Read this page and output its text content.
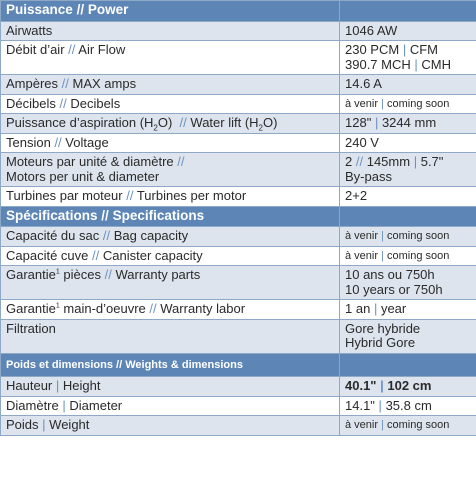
Puissance // Power	
Airwatts	1046 AW
Débit d’air // Air Flow	230 PCM | CFM
390.7 MCH | CMH
Ampères // MAX amps	14.6 A
Décibels // Decibels	à venir | coming soon
Puissance d’aspiration $(H_2O)$ // Water lift $(H_2O)$	128" | 3244 mm
Tension // Voltage	240 V
Moteurs par unité & diamètre //
Motors per unit & diameter	2 // 145mm | 5.7"
By-pass
Turbines par moteur // Turbines per motor	2+2
Spécifications // Specifications	
Capacité du sac // Bag capacity	à venir | coming soon
Capacité cuve // Canister capacity	à venir | coming soon
Garantie$^1$ pièces // Warranty parts	10 ans ou 750h
10 years or 750h
Garantie$^1$ main-d’oeuvre // Warranty labor	1 an | year
Filtration	Gore hybride
Hybrid Gore
Poids et dimensions // Weights & dimensions	
Hauteur | Height	40.1" | 102 cm
Diamètre | Diameter	14.1" | 35.8 cm
Poids | Weight	à venir | coming soon
